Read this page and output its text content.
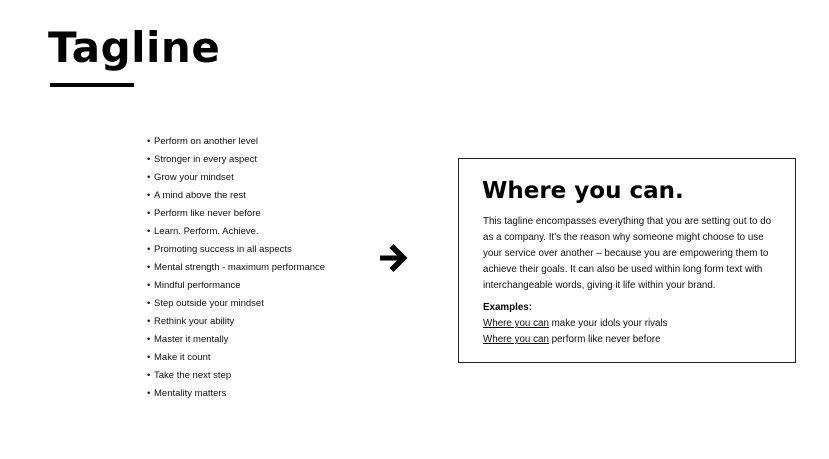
Tagline
• Perform on another level
• Stronger in every aspect
• Grow your mindset
• A mind above the rest
• Perform like never before
• Learn. Perform. Achieve.
• Promoting success in all aspects
• Mental strength - maximum performance
• Mindful performance
• Step outside your mindset
• Rethink your ability
• Master it mentally
• Make it count
• Take the next step
• Mentality matters
Where you can.

This tagline encompasses everything that you are setting out to do as a company. It’s the reason why someone might choose to use your service over another – because you are empowering them to achieve their goals. It can also be used within long form text with interchangeable words, giving it life within your brand.

Examples:
Where you can make your idols your rivals
Where you can perform like never before
